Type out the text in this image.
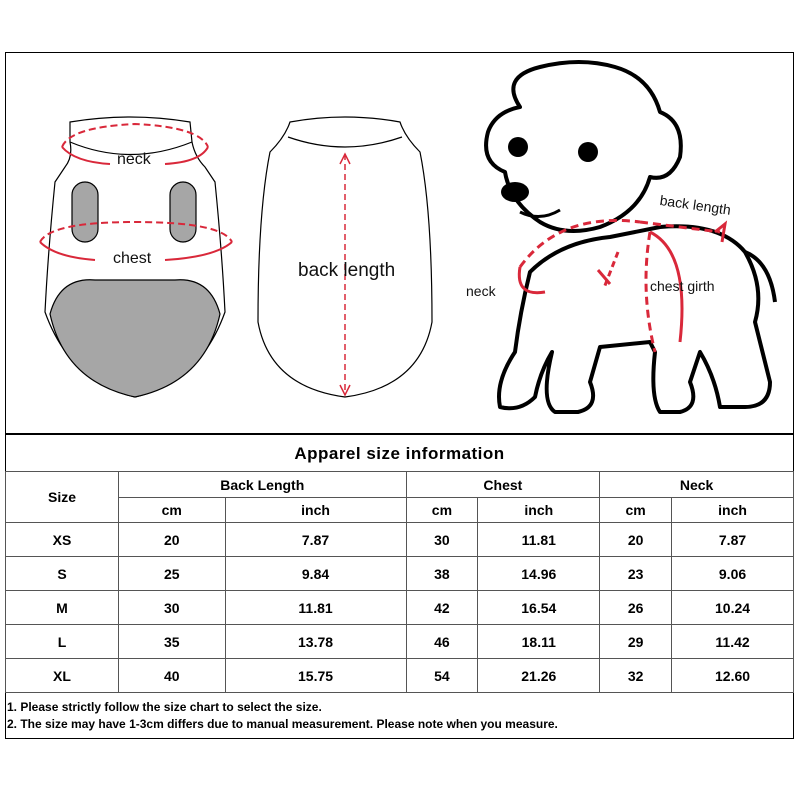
neck
chest
back length
back length
neck	chest girth
Apparel size information
Size	Back Length		Chest		Neck	
	cm	inch	cm	inch	cm	inch
XS	20	7.87	30	11.81	20	7.87
S	25	9.84	38	14.96	23	9.06
M	30	11.81	42	16.54	26	10.24
L	35	13.78	46	18.11	29	11.42
XL	40	15.75	54	21.26	32	12.60
1. Please strictly follow the size chart to select the size.
2. The size may have 1-3cm differs due to manual measurement. Please note when you measure.
